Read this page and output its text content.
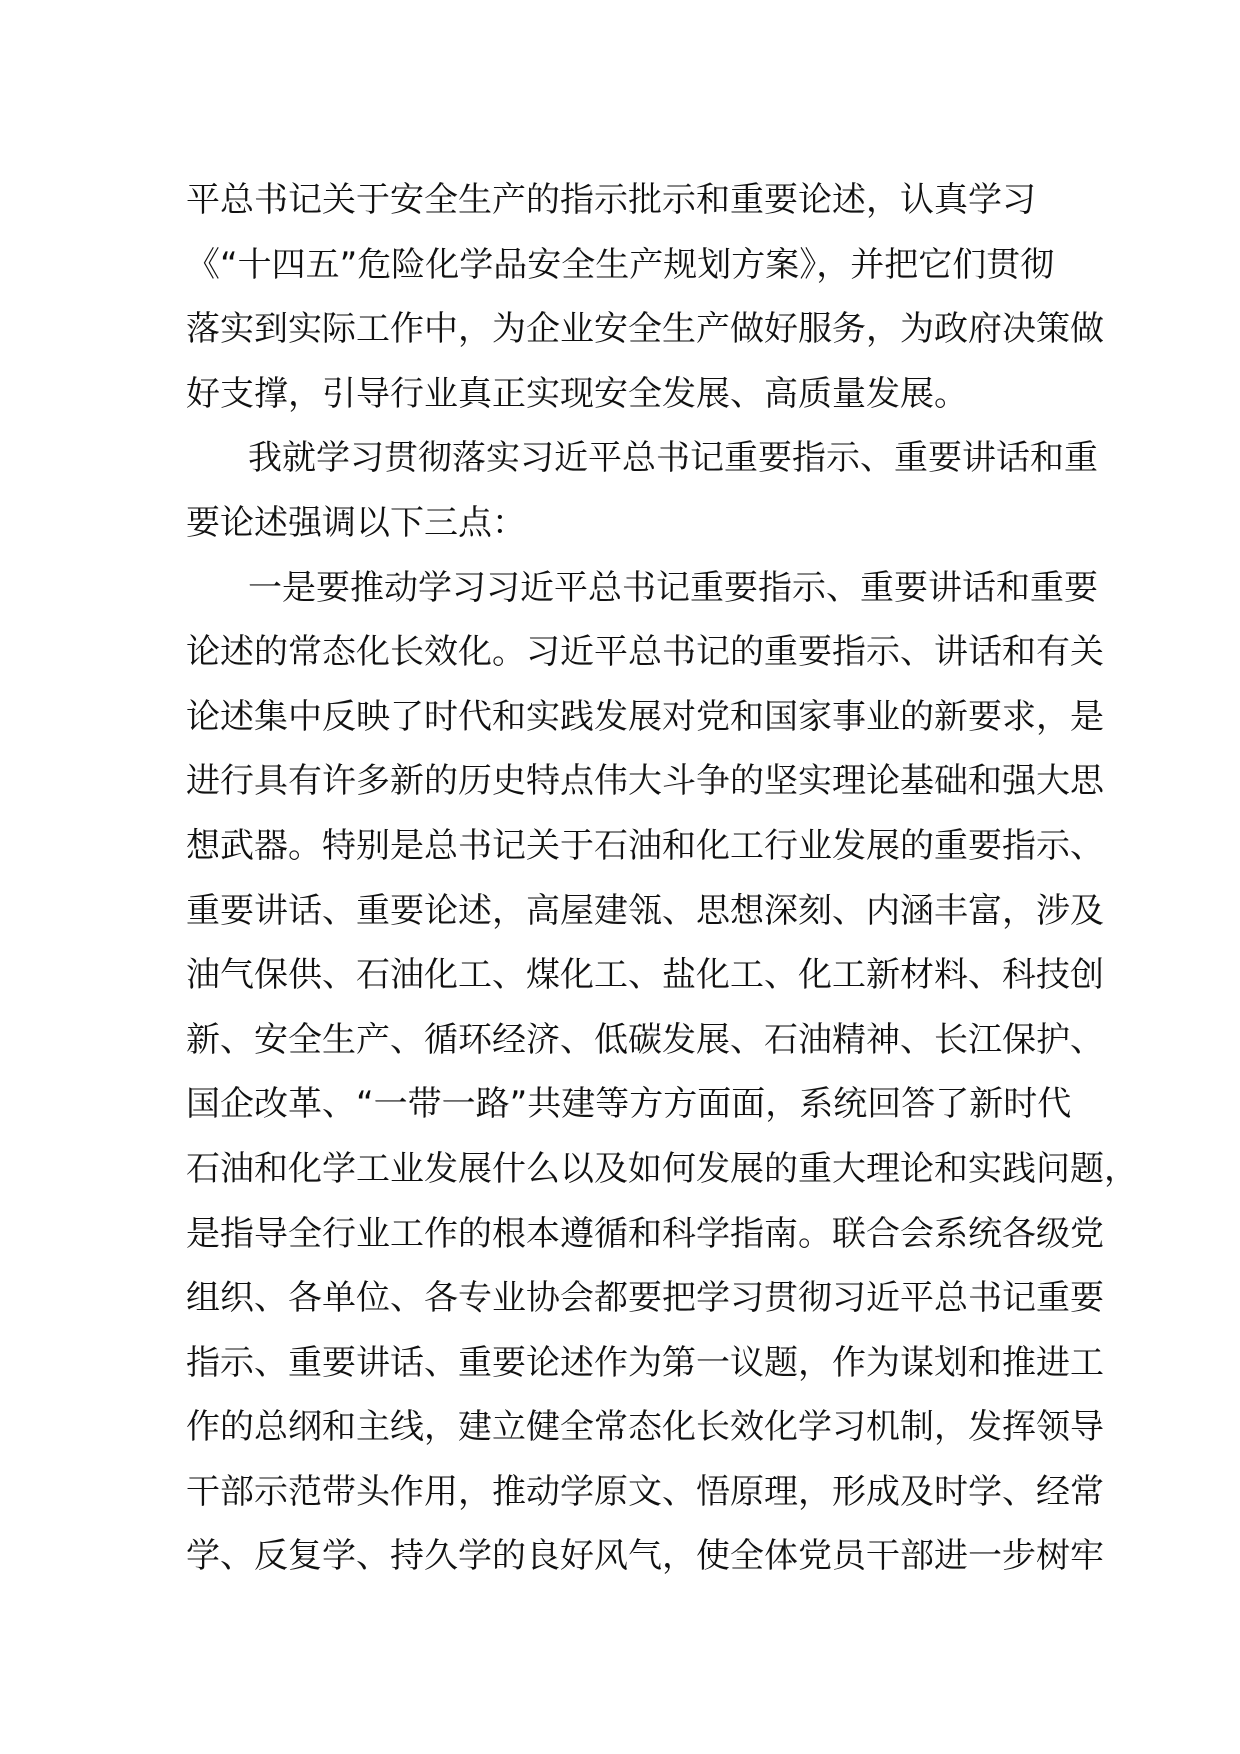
平总书记关于安全生产的指示批示和重要论述，认真学习
《“十四五”危险化学品安全生产规划方案》，并把它们贯彻
落实到实际工作中，为企业安全生产做好服务，为政府决策做
好支撑，引导行业真正实现安全发展、高质量发展。
我就学习贯彻落实习近平总书记重要指示、重要讲话和重
要论述强调以下三点：
一是要推动学习习近平总书记重要指示、重要讲话和重要
论述的常态化长效化。习近平总书记的重要指示、讲话和有关
论述集中反映了时代和实践发展对党和国家事业的新要求，是
进行具有许多新的历史特点伟大斗争的坚实理论基础和强大思
想武器。特别是总书记关于石油和化工行业发展的重要指示、
重要讲话、重要论述，高屋建瓴、思想深刻、内涵丰富，涉及
油气保供、石油化工、煤化工、盐化工、化工新材料、科技创
新、安全生产、循环经济、低碳发展、石油精神、长江保护、
国企改革、“一带一路”共建等方方面面，系统回答了新时代
石油和化学工业发展什么以及如何发展的重大理论和实践问题，
是指导全行业工作的根本遵循和科学指南。联合会系统各级党
组织、各单位、各专业协会都要把学习贯彻习近平总书记重要
指示、重要讲话、重要论述作为第一议题，作为谋划和推进工
作的总纲和主线，建立健全常态化长效化学习机制，发挥领导
干部示范带头作用，推动学原文、悟原理，形成及时学、经常
学、反复学、持久学的良好风气，使全体党员干部进一步树牢
